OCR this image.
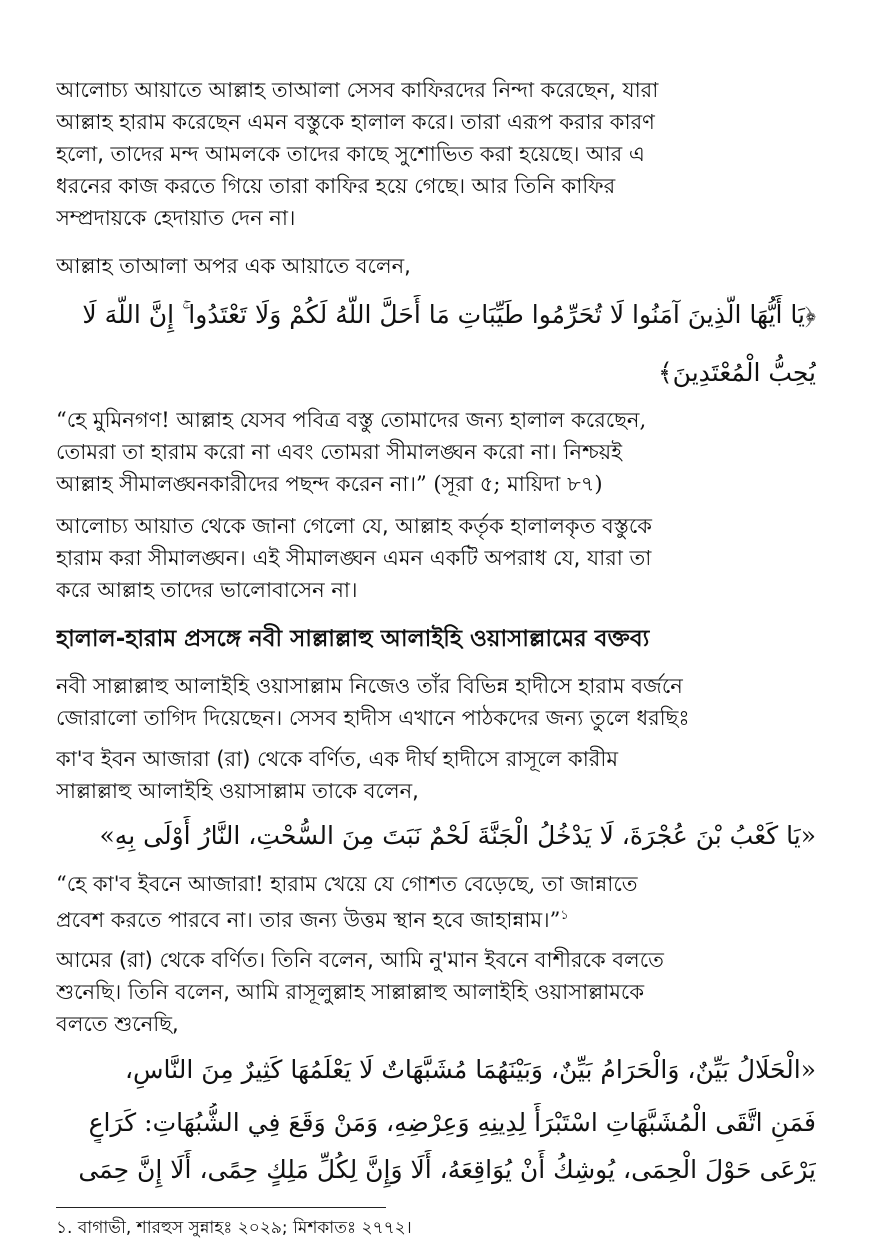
আলোচ্য আয়াতে আল্লাহ তাআলা সেসব কাফিরদের নিন্দা করেছেন, যারা
আল্লাহ হারাম করেছেন এমন বস্তুকে হালাল করে। তারা এরূপ করার কারণ
হলো, তাদের মন্দ আমলকে তাদের কাছে সুশোভিত করা হয়েছে। আর এ
ধরনের কাজ করতে গিয়ে তারা কাফির হয়ে গেছে। আর তিনি কাফির
সম্প্রদায়কে হেদায়াত দেন না।
আল্লাহ তাআলা অপর এক আয়াতে বলেন,
﴿يَا أَيُّهَا الَّذِينَ آمَنُوا لَا تُحَرِّمُوا طَيِّبَاتِ مَا أَحَلَّ اللَّهُ لَكُمْ وَلَا تَعْتَدُوا ۚ إِنَّ اللَّهَ لَا
يُحِبُّ الْمُعْتَدِينَ﴾
“হে মুমিনগণ! আল্লাহ যেসব পবিত্র বস্তু তোমাদের জন্য হালাল করেছেন,
তোমরা তা হারাম করো না এবং তোমরা সীমালঙ্ঘন করো না। নিশ্চয়ই
আল্লাহ সীমালঙ্ঘনকারীদের পছন্দ করেন না।” (সূরা ৫; মায়িদা ৮৭)
আলোচ্য আয়াত থেকে জানা গেলো যে, আল্লাহ কর্তৃক হালালকৃত বস্তুকে
হারাম করা সীমালঙ্ঘন। এই সীমালঙ্ঘন এমন একটি অপরাধ যে, যারা তা
করে আল্লাহ তাদের ভালোবাসেন না।
হালাল-হারাম প্রসঙ্গে নবী সাল্লাল্লাহু আলাইহি ওয়াসাল্লামের বক্তব্য
নবী সাল্লাল্লাহু আলাইহি ওয়াসাল্লাম নিজেও তাঁর বিভিন্ন হাদীসে হারাম বর্জনে
জোরালো তাগিদ দিয়েছেন। সেসব হাদীস এখানে পাঠকদের জন্য তুলে ধরছিঃ
কা'ব ইবন আজারা (রা) থেকে বর্ণিত, এক দীর্ঘ হাদীসে রাসূলে কারীম
সাল্লাল্লাহু আলাইহি ওয়াসাল্লাম তাকে বলেন,
«يَا كَعْبُ بْنَ عُجْرَةَ، لَا يَدْخُلُ الْجَنَّةَ لَحْمٌ نَبَتَ مِنَ السُّحْتِ، النَّارُ أَوْلَى بِهِ»
“হে কা'ব ইবনে আজারা! হারাম খেয়ে যে গোশত বেড়েছে, তা জান্নাতে
প্রবেশ করতে পারবে না। তার জন্য উত্তম স্থান হবে জাহান্নাম।”$^১$
আমের (রা) থেকে বর্ণিত। তিনি বলেন, আমি নু'মান ইবনে বাশীরকে বলতে
শুনেছি। তিনি বলেন, আমি রাসূলুল্লাহ সাল্লাল্লাহু আলাইহি ওয়াসাল্লামকে
বলতে শুনেছি,
«الْحَلَالُ بَيِّنٌ، وَالْحَرَامُ بَيِّنٌ، وَبَيْنَهُمَا مُشَبَّهَاتٌ لَا يَعْلَمُهَا كَثِيرٌ مِنَ النَّاسِ،
فَمَنِ اتَّقَى الْمُشَبَّهَاتِ اسْتَبْرَأَ لِدِينِهِ وَعِرْضِهِ، وَمَنْ وَقَعَ فِي الشُّبُهَاتِ: كَرَاعٍ
يَرْعَى حَوْلَ الْحِمَى، يُوشِكُ أَنْ يُوَاقِعَهُ، أَلَا وَإِنَّ لِكُلِّ مَلِكٍ حِمًى، أَلَا إِنَّ حِمَى
১. বাগাভী, শারহুস সুন্নাহঃ ২০২৯; মিশকাতঃ ২৭৭২।
